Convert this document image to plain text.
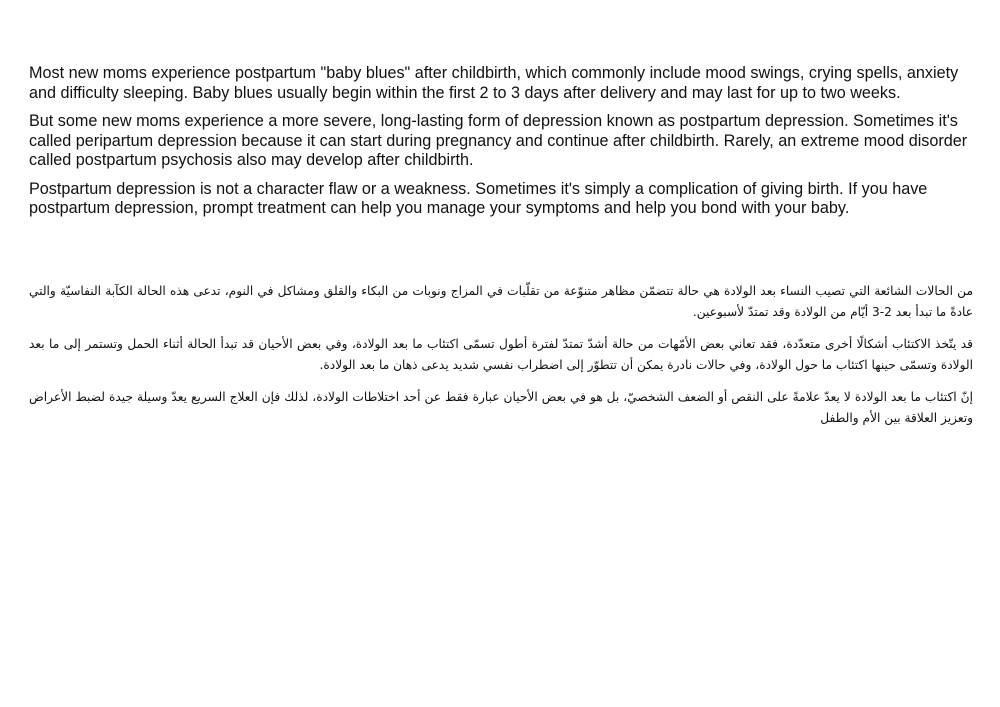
Most new moms experience postpartum "baby blues" after childbirth, which commonly include mood swings, crying spells, anxiety and difficulty sleeping. Baby blues usually begin within the first 2 to 3 days after delivery and may last for up to two weeks.

But some new moms experience a more severe, long-lasting form of depression known as postpartum depression. Sometimes it's called peripartum depression because it can start during pregnancy and continue after childbirth. Rarely, an extreme mood disorder called postpartum psychosis also may develop after childbirth.

Postpartum depression is not a character flaw or a weakness. Sometimes it's simply a complication of giving birth. If you have postpartum depression, prompt treatment can help you manage your symptoms and help you bond with your baby.

من الحالات الشائعة التي تصيب النساء بعد الولادة هي حالة تتضمّن مظاهر متنوّعة من تقلّبات في المزاج ونوبات من البكاء والقلق ومشاكل في النوم، تدعى هذه الحالة الكآبة النفاسيّة والتي عادةً ما تبدأ بعد 2-3 أيّام من الولادة وقد تمتدّ لأسبوعين.

قد يتّخذ الاكتئاب أشكالًا أخرى متعدّدة، فقد تعاني بعض الأمّهات من حالة أشدّ تمتدّ لفترة أطول تسمّى اكتئاب ما بعد الولادة، وفي بعض الأحيان قد تبدأ الحالة أثناء الحمل وتستمر إلى ما بعد الولادة وتسمّى حينها اكتئاب ما حول الولادة، وفي حالات نادرة يمكن أن تتطوّر إلى اضطراب نفسي شديد يدعى ذهان ما بعد الولادة.

إنّ اكتئاب ما بعد الولادة لا يعدّ علامةً على النقص أو الضعف الشخصيّ، بل هو في بعض الأحيان عبارة فقط عن أحد اختلاطات الولادة، لذلك فإن العلاج السريع يعدّ وسيلة جيدة لضبط الأعراض وتعزيز العلاقة بين الأم والطفل
